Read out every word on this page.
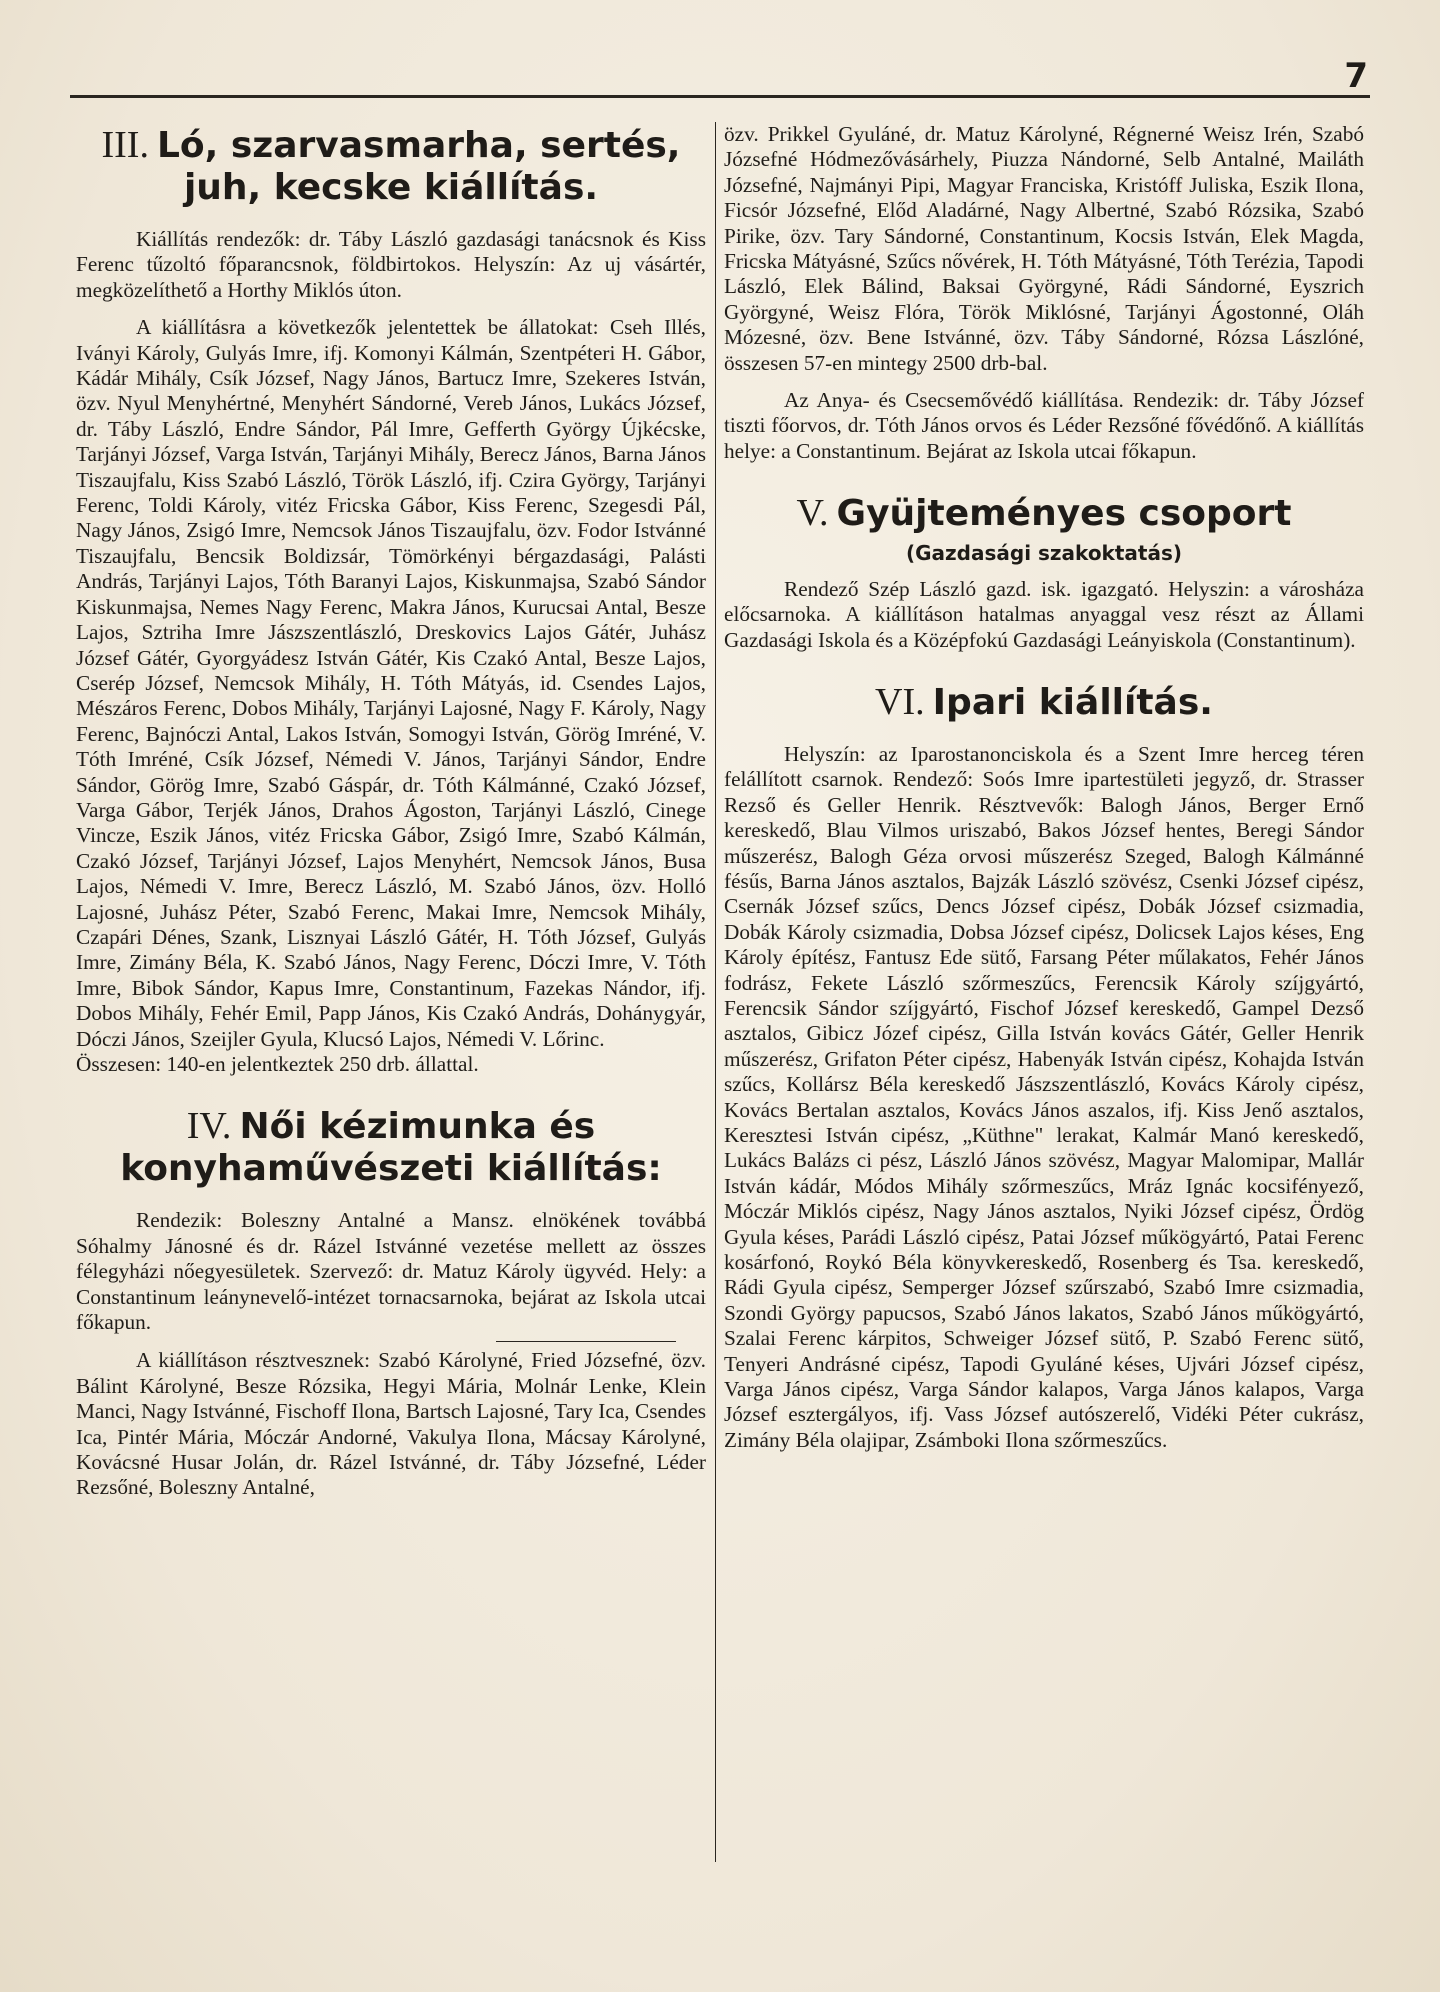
7
III. Ló, szarvasmarha, sertés, juh, kecske kiállítás.

Kiállítás rendezők: dr. Táby László gazdasági tanácsnok és Kiss Ferenc tűzoltó főparancsnok, földbirtokos. Helyszín: Az uj vásártér, megközelíthető a Horthy Miklós úton.

A kiállításra a következők jelentettek be állatokat: Cseh Illés, Iványi Károly, Gulyás Imre, ifj. Komonyi Kálmán, Szentpéteri H. Gábor, Kádár Mihály, Csík József, Nagy János, Bartucz Imre, Szekeres István, özv. Nyul Menyhértné, Menyhért Sándorné, Vereb János, Lukács József, dr. Táby László, Endre Sándor, Pál Imre, Gefferth György Újkécske, Tarjányi József, Varga István, Tarjányi Mihály, Berecz János, Barna János Tiszaujfalu, Kiss Szabó László, Török László, ifj. Czira György, Tarjányi Ferenc, Toldi Károly, vitéz Fricska Gábor, Kiss Ferenc, Szegesdi Pál, Nagy János, Zsigó Imre, Nemcsok János Tiszaujfalu, özv. Fodor Istvánné Tiszaujfalu, Bencsik Boldizsár, Tömörkényi bérgazdasági, Palásti András, Tarjányi Lajos, Tóth Baranyi Lajos, Kiskunmajsa, Szabó Sándor Kiskunmajsa, Nemes Nagy Ferenc, Makra János, Kurucsai Antal, Besze Lajos, Sztriha Imre Jászszentlászló, Dreskovics Lajos Gátér, Juhász József Gátér, Gyorgyádesz István Gátér, Kis Czakó Antal, Besze Lajos, Cserép József, Nemcsok Mihály, H. Tóth Mátyás, id. Csendes Lajos, Mészáros Ferenc, Dobos Mihály, Tarjányi Lajosné, Nagy F. Károly, Nagy Ferenc, Bajnóczi Antal, Lakos István, Somogyi István, Görög Imréné, V. Tóth Imréné, Csík József, Némedi V. János, Tarjányi Sándor, Endre Sándor, Görög Imre, Szabó Gáspár, dr. Tóth Kálmánné, Czakó József, Varga Gábor, Terjék János, Drahos Ágoston, Tarjányi László, Cinege Vincze, Eszik János, vitéz Fricska Gábor, Zsigó Imre, Szabó Kálmán, Czakó József, Tarjányi József, Lajos Menyhért, Nemcsok János, Busa Lajos, Némedi V. Imre, Berecz László, M. Szabó János, özv. Holló Lajosné, Juhász Péter, Szabó Ferenc, Makai Imre, Nemcsok Mihály, Czapári Dénes, Szank, Lisznyai László Gátér, H. Tóth József, Gulyás Imre, Zimány Béla, K. Szabó János, Nagy Ferenc, Dóczi Imre, V. Tóth Imre, Bibok Sándor, Kapus Imre, Constantinum, Fazekas Nándor, ifj. Dobos Mihály, Fehér Emil, Papp János, Kis Czakó András, Dohánygyár, Dóczi János, Szeijler Gyula, Klucsó Lajos, Némedi V. Lőrinc.

Összesen: 140-en jelentkeztek 250 drb. állattal.

IV. Női kézimunka és konyhaművészeti kiállítás:

Rendezik: Boleszny Antalné a Mansz. elnökének továbbá Sóhalmy Jánosné és dr. Rázel Istvánné vezetése mellett az összes félegyházi nőegyesületek. Szervező: dr. Matuz Károly ügyvéd. Hely: a Constantinum leánynevelő-intézet tornacsarnoka, bejárat az Iskola utcai főkapun.

A kiállításon résztvesznek: Szabó Károlyné, Fried Józsefné, özv. Bálint Károlyné, Besze Rózsika, Hegyi Mária, Molnár Lenke, Klein Manci, Nagy Istvánné, Fischoff Ilona, Bartsch Lajosné, Tary Ica, Csendes Ica, Pintér Mária, Móczár Andorné, Vakulya Ilona, Mácsay Károlyné, Kovácsné Husar Jolán, dr. Rázel Istvánné, dr. Táby Józsefné, Léder Rezsőné, Boleszny Antalné,

özv. Prikkel Gyuláné, dr. Matuz Károlyné, Régnerné Weisz Irén, Szabó Józsefné Hódmezővásárhely, Piuzza Nándorné, Selb Antalné, Mailáth Józsefné, Najmányi Pipi, Magyar Franciska, Kristóff Juliska, Eszik Ilona, Ficsór Józsefné, Előd Aladárné, Nagy Albertné, Szabó Rózsika, Szabó Pirike, özv. Tary Sándorné, Constantinum, Kocsis István, Elek Magda, Fricska Mátyásné, Szűcs nővérek, H. Tóth Mátyásné, Tóth Terézia, Tapodi László, Elek Bálind, Baksai Györgyné, Rádi Sándorné, Eyszrich Györgyné, Weisz Flóra, Török Miklósné, Tarjányi Ágostonné, Oláh Mózesné, özv. Bene Istvánné, özv. Táby Sándorné, Rózsa Lászlóné, összesen 57-en mintegy 2500 drb-bal.

Az Anya- és Csecsemővédő kiállítása. Rendezik: dr. Táby József tiszti főorvos, dr. Tóth János orvos és Léder Rezsőné fővédőnő. A kiállítás helye: a Constantinum. Bejárat az Iskola utcai főkapun.

V. Gyüjteményes csoport
(Gazdasági szakoktatás)

Rendező Szép László gazd. isk. igazgató. Helyszin: a városháza előcsarnoka. A kiállításon hatalmas anyaggal vesz részt az Állami Gazdasági Iskola és a Középfokú Gazdasági Leányiskola (Constantinum).

VI. Ipari kiállítás.

Helyszín: az Iparostanonciskola és a Szent Imre herceg téren felállított csarnok. Rendező: Soós Imre ipartestületi jegyző, dr. Strasser Rezső és Geller Henrik. Résztvevők: Balogh János, Berger Ernő kereskedő, Blau Vilmos uriszabó, Bakos József hentes, Beregi Sándor műszerész, Balogh Géza orvosi műszerész Szeged, Balogh Kálmánné fésűs, Barna János asztalos, Bajzák László szövész, Csenki József cipész, Csernák József szűcs, Dencs József cipész, Dobák József csizmadia, Dobák Károly csizmadia, Dobsa József cipész, Dolicsek Lajos késes, Eng Károly építész, Fantusz Ede sütő, Farsang Péter műlakatos, Fehér János fodrász, Fekete László szőrmeszűcs, Ferencsik Károly szíjgyártó, Ferencsik Sándor szíjgyártó, Fischof József kereskedő, Gampel Dezső asztalos, Gibicz Józef cipész, Gilla István kovács Gátér, Geller Henrik műszerész, Grifaton Péter cipész, Habenyák István cipész, Kohajda István szűcs, Kollársz Béla kereskedő Jászszentlászló, Kovács Károly cipész, Kovács Bertalan asztalos, Kovács János aszalos, ifj. Kiss Jenő asztalos, Keresztesi István cipész, „Küthne" lerakat, Kalmár Manó kereskedő, Lukács Balázs ci pész, László János szövész, Magyar Malomipar, Mallár István kádár, Módos Mihály szőrmeszűcs, Mráz Ignác kocsifényező, Móczár Miklós cipész, Nagy János asztalos, Nyiki József cipész, Ördög Gyula késes, Parádi László cipész, Patai József műkögyártó, Patai Ferenc kosárfonó, Roykó Béla könyvkereskedő, Rosenberg és Tsa. kereskedő, Rádi Gyula cipész, Semperger József szűrszabó, Szabó Imre csizmadia, Szondi György papucsos, Szabó János lakatos, Szabó János műkögyártó, Szalai Ferenc kárpitos, Schweiger József sütő, P. Szabó Ferenc sütő, Tenyeri Andrásné cipész, Tapodi Gyuláné késes, Ujvári József cipész, Varga János cipész, Varga Sándor kalapos, Varga János kalapos, Varga József esztergályos, ifj. Vass József autószerelő, Vidéki Péter cukrász, Zimány Béla olajipar, Zsámboki Ilona szőrmeszűcs.
